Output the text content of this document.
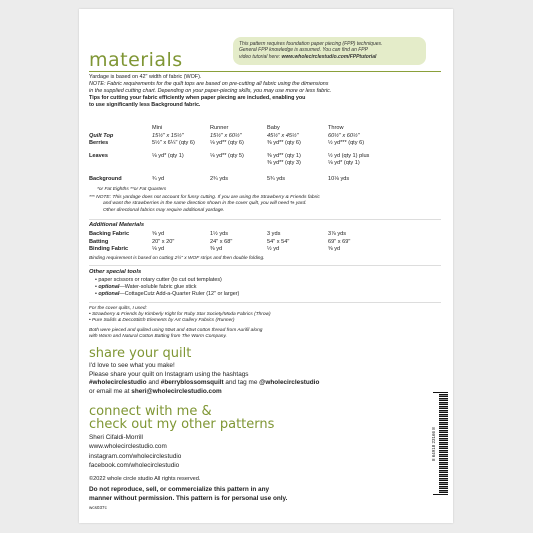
This pattern requires foundation paper piecing (FPP) techniques.
General FPP knowledge is assumed. You can find an FPP
video tutorial here: www.wholecirclestudio.com/FPPtutorial
materials
Yardage is based on 42" width of fabric (WOF).
NOTE: Fabric requirements for the quilt tops are based on pre-cutting all fabric using the dimensions
in the supplied cutting chart. Depending on your paper-piecing skills, you may use more or less fabric.
Tips for cutting your fabric efficiently when paper piecing are included, enabling you
to use significantly less Background fabric.
	Mini	Runner	Baby	Throw
Quilt Top	15½" x 15½"	15½" x 60½"	45½" x 45½"	60½" x 60½"
Berries	5½" x 6¼" (qty 6)	⅛ yd** (qty 6)	⅜ yd** (qty 6)	½ yd*** (qty 6)

Leaves	⅛ yd* (qty 1)	⅛ yd** (qty 5)	⅜ yd** (qty 1)	½ yd (qty 1) plus
			⅜ yd** (qty 3)	⅛ yd* (qty 1)

Background	¾ yd	2¾ yds	5¾ yds	10⅛ yds
*or Fat Eighths **or Fat Quarters
*** NOTE: This yardage does not account for fussy cutting. If you are using the Strawberry & Friends fabric
and want the strawberries in the same direction shown in the cover quilt, you will need ⅝ yard.
Other directional fabrics may require additional yardage.
Additional Materials
Backing Fabric	⅝ yd	1½ yds	3 yds	3⅞ yds
Batting	20" x 20"	24" x 68"	54" x 54"	69" x 69"
Binding Fabric	⅛ yd	⅜ yd	½ yd	⅝ yd
Binding requirement is based on cutting 2½" x WOF strips and then double folding.
Other special tools
• paper scissors or rotary cutter (to cut out templates)
• optional—Water-soluble fabric glue stick
• optional—CottageCutz Add-a-Quarter Ruler (12" or larger)
For the cover quilts, I used:
• Strawberry & Friends by Kimberly Kight for Ruby Star Society/Moda Fabrics (Throw)
• Pure Solids & DecoStitch Elements by Art Gallery Fabrics (Runner)
Both were pieced and quilted using 50wt and 40wt cotton thread from Aurifil along
with Warm and Natural Cotton Batting from The Warm Company.
share your quilt
I'd love to see what you make!
Please share your quilt on Instagram using the hashtags
#wholecirclestudio and #berryblossomsquilt and tag me @wholecirclestudio
or email me at sheri@wholecirclestudio.com
connect with me &
check out my other patterns
Sheri Cifaldi-Morrill
www.wholecirclestudio.com
instagram.com/wholecirclestudio
facebook.com/wholecirclestudio
©2022 whole circle studio All rights reserved.
Do not reproduce, sell, or commercialize this pattern in any
manner without permission. This pattern is for personal use only.
wcs037c
8 64918 23166 8
